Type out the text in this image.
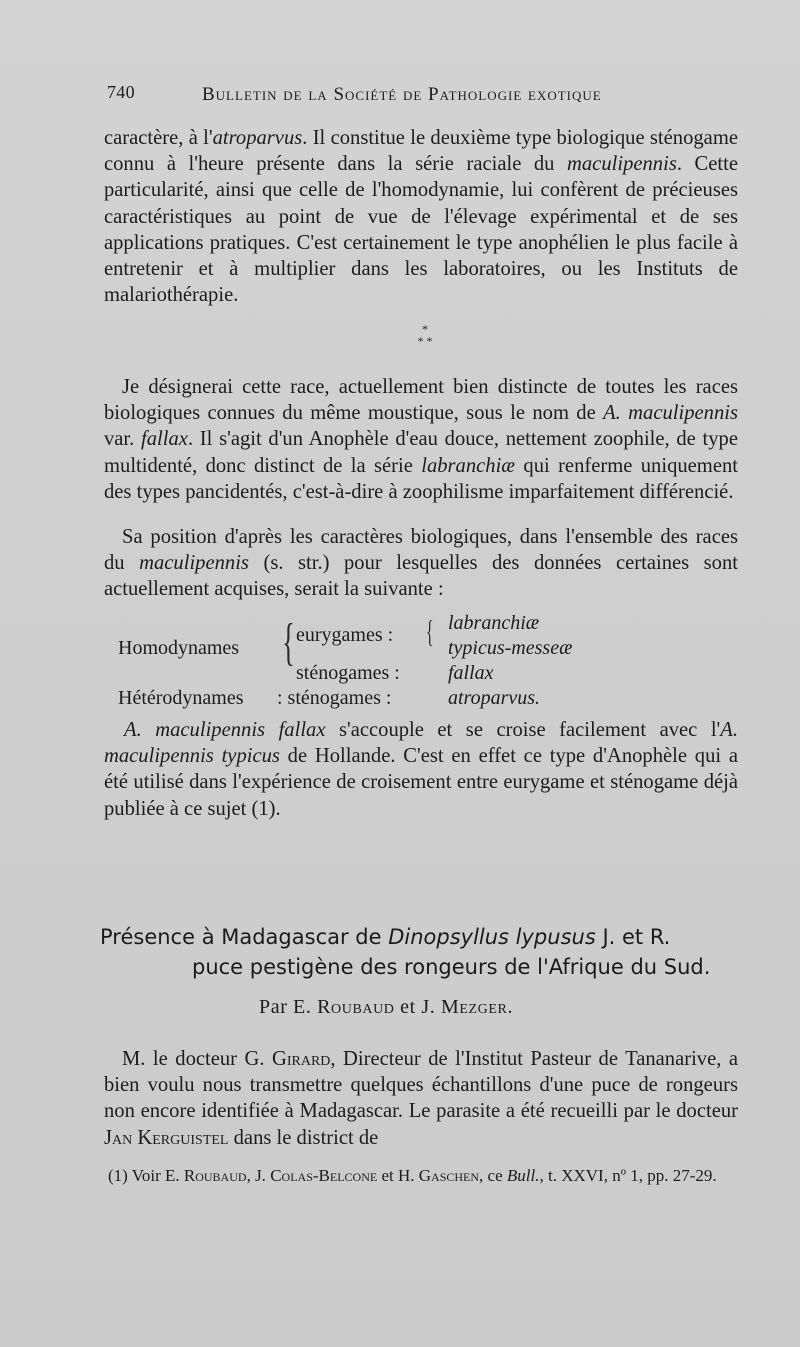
740	Bulletin de la Société de Pathologie exotique

caractère, à l'atroparvus. Il constitue le deuxième type biologique sténogame connu à l'heure présente dans la série raciale du maculipennis. Cette particularité, ainsi que celle de l'homodynamie, lui confèrent de précieuses caractéristiques au point de vue de l'élevage expérimental et de ses applications pratiques. C'est certainement le type anophélien le plus facile à entretenir et à multiplier dans les laboratoires, ou les Instituts de malariothérapie.

*
* *

Je désignerai cette race, actuellement bien distincte de toutes les races biologiques connues du même moustique, sous le nom de A. maculipennis var. fallax. Il s'agit d'un Anophèle d'eau douce, nettement zoophile, de type multidenté, donc distinct de la série labranchiæ qui renferme uniquement des types pancidentés, c'est-à-dire à zoophilisme imparfaitement différencié.

Sa position d'après les caractères biologiques, dans l'ensemble des races du maculipennis (s. str.) pour lesquelles des données certaines sont actuellement acquises, serait la suivante :

Homodynames { eurygames : { labranchiæ
typicus-messeæ
sténogames : fallax
Hétérodynames : sténogames :	atroparvus.

A. maculipennis fallax s'accouple et se croise facilement avec l'A. maculipennis typicus de Hollande. C'est en effet ce type d'Anophèle qui a été utilisé dans l'expérience de croisement entre eurygame et sténogame déjà publiée à ce sujet (1).

Présence à Madagascar de Dinopsyllus lypusus J. et R.
puce pestigène des rongeurs de l'Afrique du Sud.
Par E. Roubaud et J. Mezger.

M. le docteur G. Girard, Directeur de l'Institut Pasteur de Tananarive, a bien voulu nous transmettre quelques échantillons d'une puce de rongeurs non encore identifiée à Madagascar. Le parasite a été recueilli par le docteur Jan Kerguistel dans le district de

(1) Voir E. Roubaud, J. Colas-Belcone et H. Gaschen, ce Bull., t. XXVI, nº 1, pp. 27-29.
